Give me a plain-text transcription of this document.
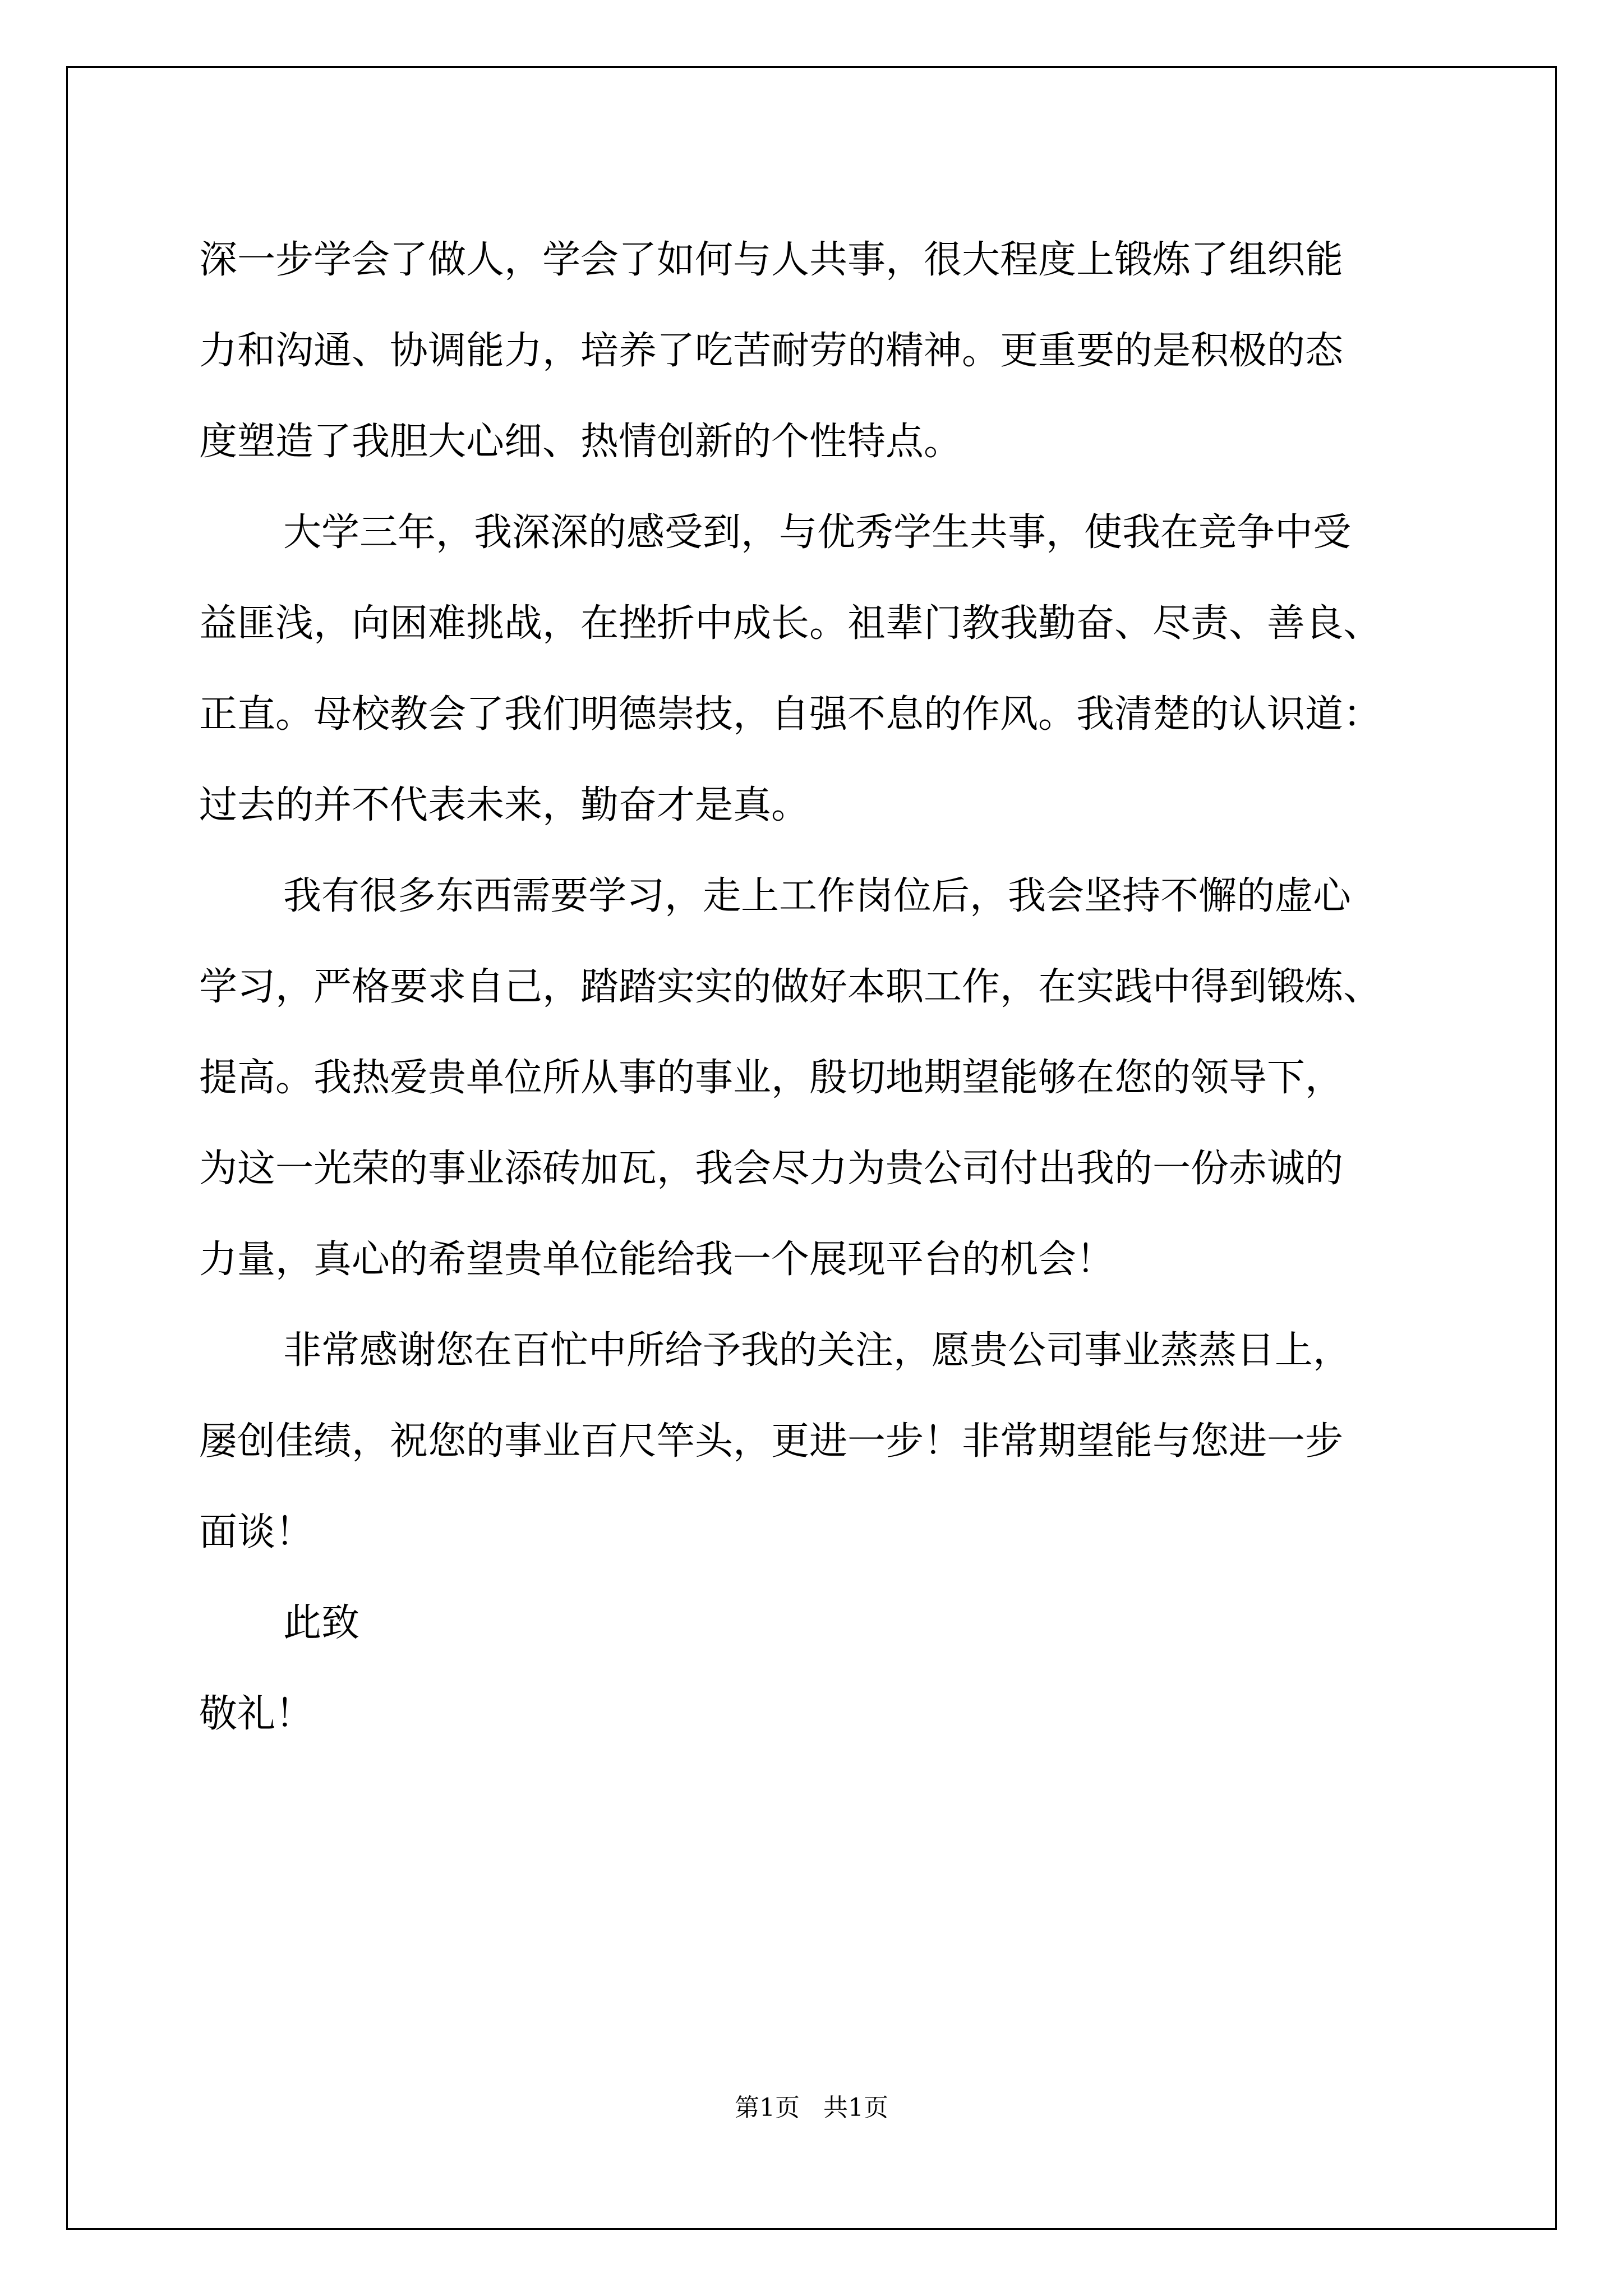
深一步学会了做人，学会了如何与人共事，很大程度上锻炼了组织能
力和沟通、协调能力，培养了吃苦耐劳的精神。更重要的是积极的态
度塑造了我胆大心细、热情创新的个性特点。
大学三年，我深深的感受到，与优秀学生共事，使我在竞争中受
益匪浅，向困难挑战，在挫折中成长。祖辈门教我勤奋、尽责、善良、
正直。母校教会了我们明德崇技，自强不息的作风。我清楚的认识道：
过去的并不代表未来，勤奋才是真。
我有很多东西需要学习，走上工作岗位后，我会坚持不懈的虚心
学习，严格要求自己，踏踏实实的做好本职工作，在实践中得到锻炼、
提高。我热爱贵单位所从事的事业，殷切地期望能够在您的领导下，
为这一光荣的事业添砖加瓦，我会尽力为贵公司付出我的一份赤诚的
力量，真心的希望贵单位能给我一个展现平台的机会！
非常感谢您在百忙中所给予我的关注，愿贵公司事业蒸蒸日上，
屡创佳绩，祝您的事业百尺竿头，更进一步！非常期望能与您进一步
面谈！
此致
敬礼！
第1页   共1页
